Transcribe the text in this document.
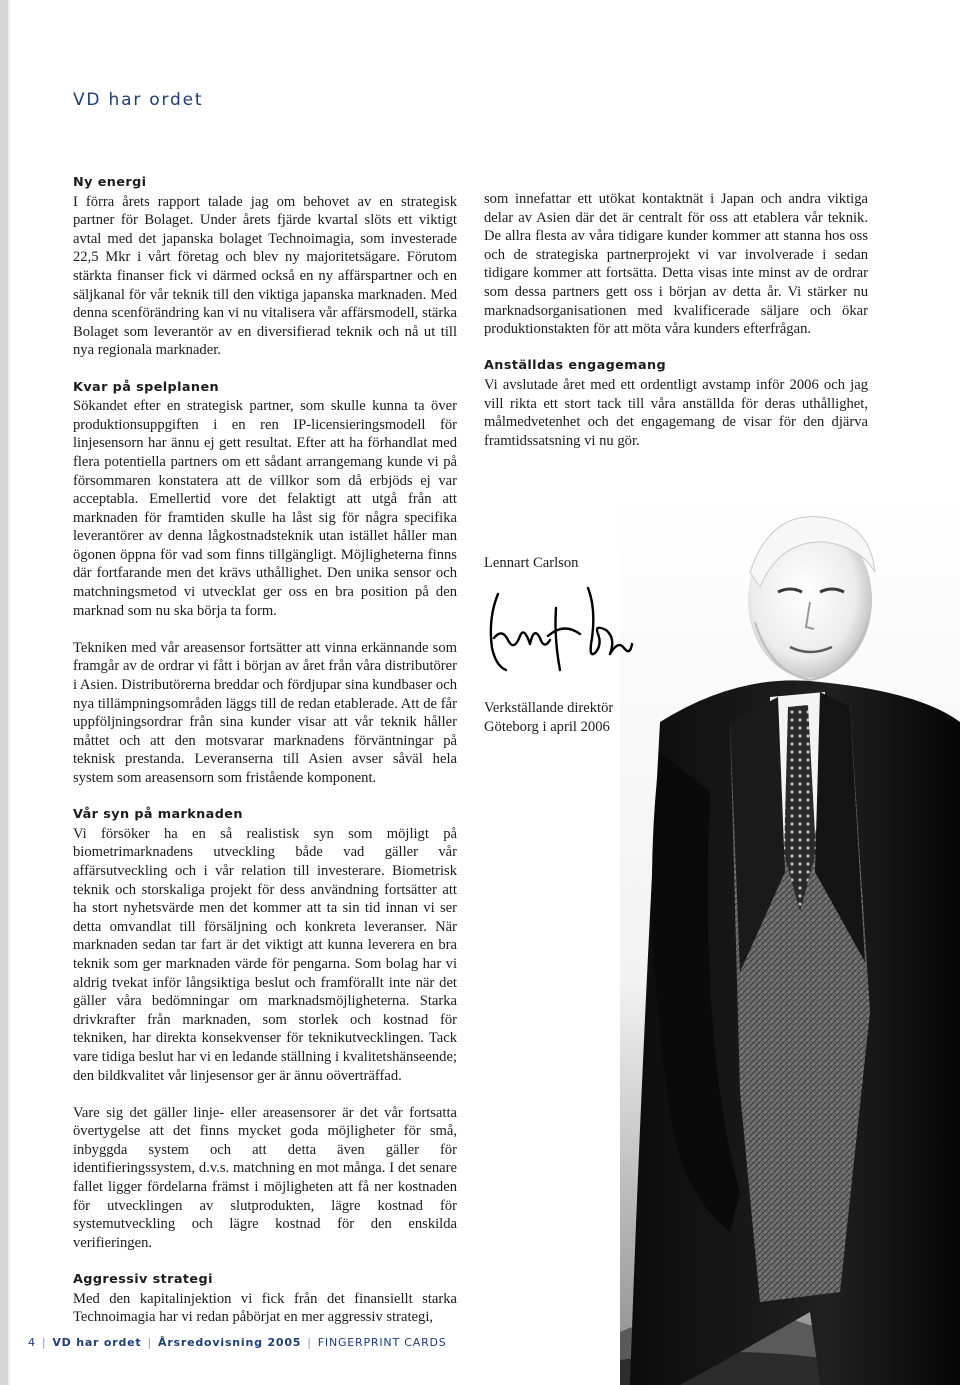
VD har ordet
Ny energi

I förra årets rapport talade jag om behovet av en strategisk partner för Bolaget. Under årets fjärde kvartal slöts ett viktigt avtal med det japanska bolaget Technoimagia, som investerade 22,5 Mkr i vårt företag och blev ny majoritetsägare. Förutom stärkta finanser fick vi därmed också en ny affärspartner och en säljkanal för vår teknik till den viktiga japanska marknaden. Med denna scenförändring kan vi nu vitalisera vår affärsmodell, stärka Bolaget som leverantör av en diversifierad teknik och nå ut till nya regionala marknader.

Kvar på spelplanen

Sökandet efter en strategisk partner, som skulle kunna ta över produktionsuppgiften i en ren IP-licensieringsmodell för linjesensorn har ännu ej gett resultat. Efter att ha förhandlat med flera potentiella partners om ett sådant arrangemang kunde vi på försommaren konstatera att de villkor som då erbjöds ej var acceptabla. Emellertid vore det felaktigt att utgå från att marknaden för framtiden skulle ha låst sig för några specifika leverantörer av denna lågkostnadsteknik utan istället håller man ögonen öppna för vad som finns tillgängligt. Möjligheterna finns där fortfarande men det krävs uthållighet. Den unika sensor och matchningsmetod vi utvecklat ger oss en bra position på den marknad som nu ska börja ta form.

Tekniken med vår areasensor fortsätter att vinna erkännande som framgår av de ordrar vi fått i början av året från våra distributörer i Asien. Distributörerna breddar och fördjupar sina kundbaser och nya tillämpningsområden läggs till de redan etablerade. Att de får uppföljningsordrar från sina kunder visar att vår teknik håller måttet och att den motsvarar marknadens förväntningar på teknisk prestanda. Leveranserna till Asien avser såväl hela system som areasensorn som fristående komponent.

Vår syn på marknaden

Vi försöker ha en så realistisk syn som möjligt på biometrimarknadens utveckling både vad gäller vår affärsutveckling och i vår relation till investerare. Biometrisk teknik och storskaliga projekt för dess användning fortsätter att ha stort nyhetsvärde men det kommer att ta sin tid innan vi ser detta omvandlat till försäljning och konkreta leveranser. När marknaden sedan tar fart är det viktigt att kunna leverera en bra teknik som ger marknaden värde för pengarna. Som bolag har vi aldrig tvekat inför långsiktiga beslut och framförallt inte när det gäller våra bedömningar om marknadsmöjligheterna. Starka drivkrafter från marknaden, som storlek och kostnad för tekniken, har direkta konsekvenser för teknikutvecklingen. Tack vare tidiga beslut har vi en ledande ställning i kvalitetshänseende; den bildkvalitet vår linjesensor ger är ännu oöverträffad.

Vare sig det gäller linje- eller areasensorer är det vår fortsatta övertygelse att det finns mycket goda möjligheter för små, inbyggda system och att detta även gäller för identifieringssystem, d.v.s. matchning en mot många. I det senare fallet ligger fördelarna främst i möjligheten att få ner kostnaden för utvecklingen av slutprodukten, lägre kostnad för systemutveckling och lägre kostnad för den enskilda verifieringen.

Aggressiv strategi

Med den kapitalinjektion vi fick från det finansiellt starka Technoimagia har vi redan påbörjat en mer aggressiv strategi,

som innefattar ett utökat kontaktnät i Japan och andra viktiga delar av Asien där det är centralt för oss att etablera vår teknik. De allra flesta av våra tidigare kunder kommer att stanna hos oss och de strategiska partnerprojekt vi var involverade i sedan tidigare kommer att fortsätta. Detta visas inte minst av de ordrar som dessa partners gett oss i början av detta år. Vi stärker nu marknadsorganisationen med kvalificerade säljare och ökar produktionstakten för att möta våra kunders efterfrågan.

Anställdas engagemang

Vi avslutade året med ett ordentligt avstamp inför 2006 och jag vill rikta ett stort tack till våra anställda för deras uthållighet, målmedvetenhet och det engagemang de visar för den djärva framtidssatsning vi nu gör.

Lennart Carlson
Verkställande direktör
Göteborg i april 2006
4 | VD har ordet | Årsredovisning 2005 | FINGERPRINT CARDS
